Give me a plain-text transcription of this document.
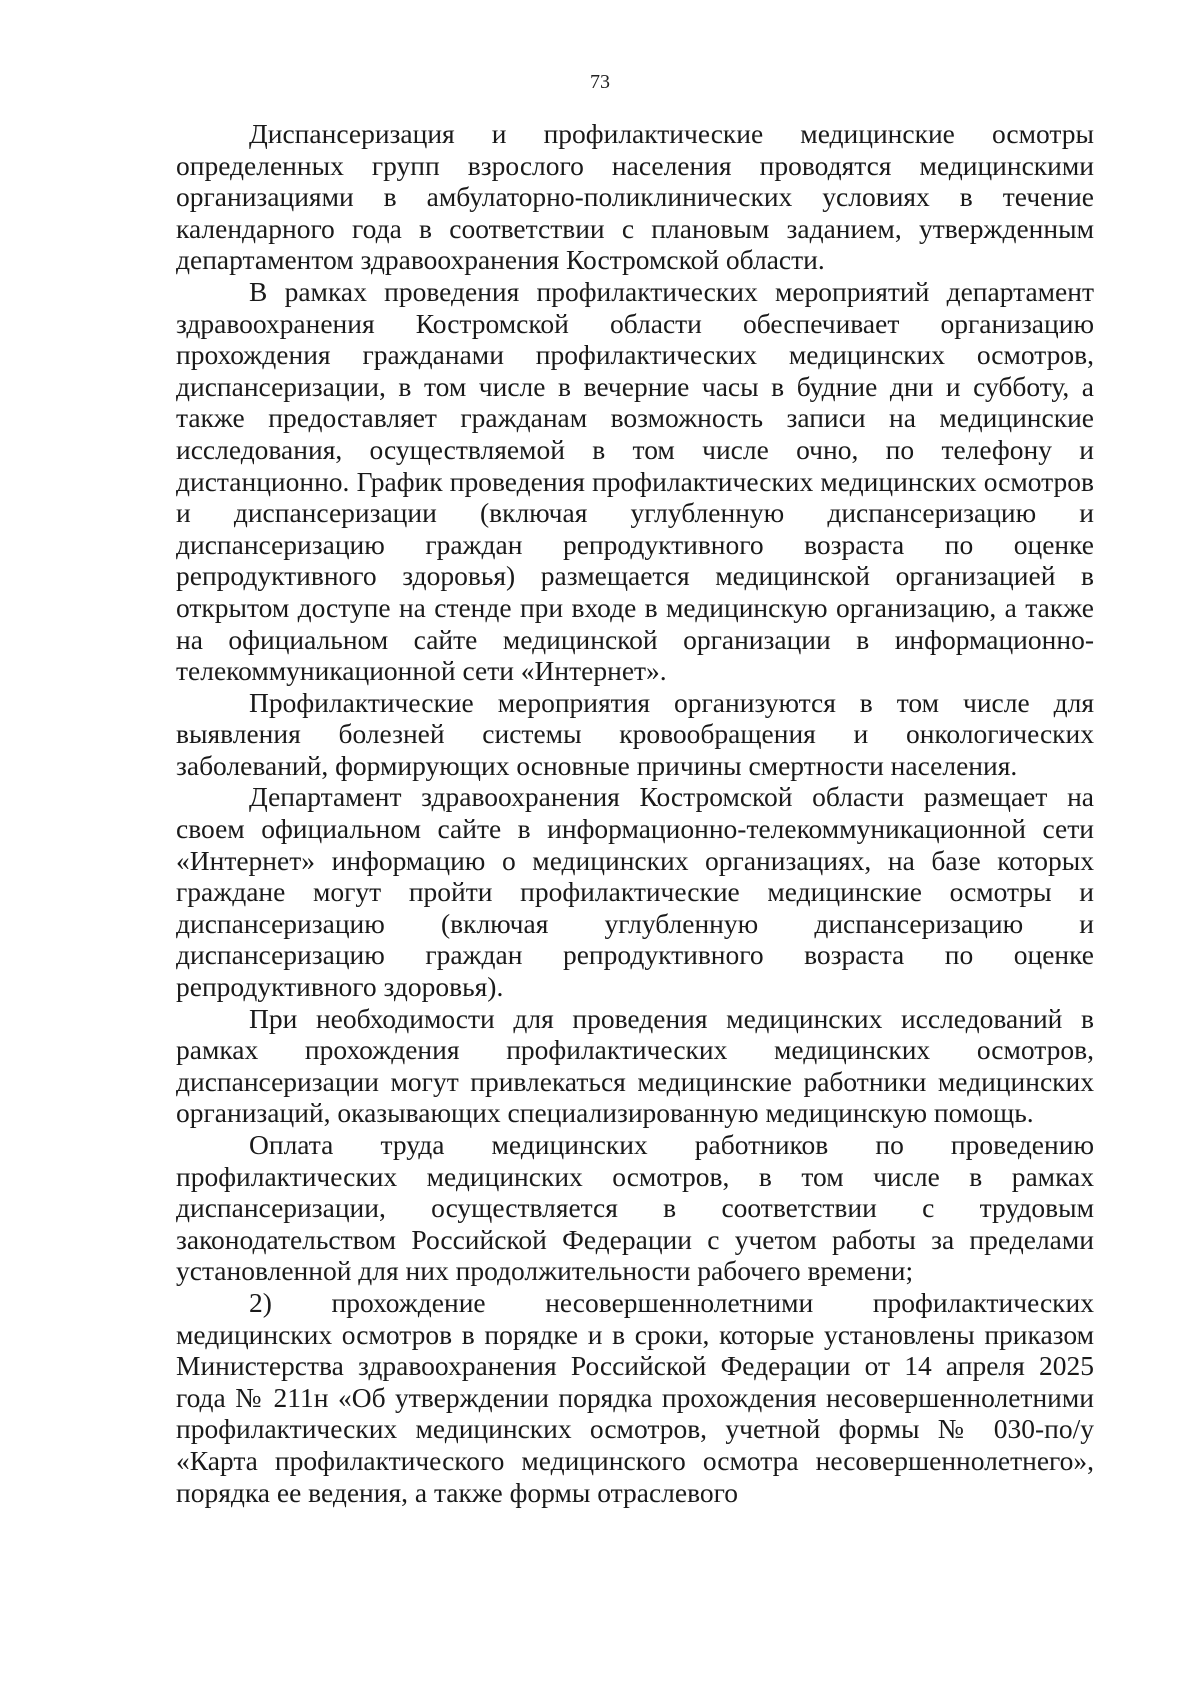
73

Диспансеризация и профилактические медицинские осмотры определенных групп взрослого населения проводятся медицинскими организациями в амбулаторно-поликлинических условиях в течение календарного года в соответствии с плановым заданием, утвержденным департаментом здравоохранения Костромской области.

В рамках проведения профилактических мероприятий департамент здравоохранения Костромской области обеспечивает организацию прохождения гражданами профилактических медицинских осмотров, диспансеризации, в том числе в вечерние часы в будние дни и субботу, а также предоставляет гражданам возможность записи на медицинские исследования, осуществляемой в том числе очно, по телефону и дистанционно. График проведения профилактических медицинских осмотров и диспансеризации (включая углубленную диспансеризацию и диспансеризацию граждан репродуктивного возраста по оценке репродуктивного здоровья) размещается медицинской организацией в открытом доступе на стенде при входе в медицинскую организацию, а также на официальном сайте медицинской организации в информационно-телекоммуникационной сети «Интернет».

Профилактические мероприятия организуются в том числе для выявления болезней системы кровообращения и онкологических заболеваний, формирующих основные причины смертности населения.

Департамент здравоохранения Костромской области размещает на своем официальном сайте в информационно-телекоммуникационной сети «Интернет» информацию о медицинских организациях, на базе которых граждане могут пройти профилактические медицинские осмотры и диспансеризацию (включая углубленную диспансеризацию и диспансеризацию граждан репродуктивного возраста по оценке репродуктивного здоровья).

При необходимости для проведения медицинских исследований в рамках прохождения профилактических медицинских осмотров, диспансеризации могут привлекаться медицинские работники медицинских организаций, оказывающих специализированную медицинскую помощь.

Оплата труда медицинских работников по проведению профилактических медицинских осмотров, в том числе в рамках диспансеризации, осуществляется в соответствии с трудовым законодательством Российской Федерации с учетом работы за пределами установленной для них продолжительности рабочего времени;

2) прохождение несовершеннолетними профилактических медицинских осмотров в порядке и в сроки, которые установлены приказом Министерства здравоохранения Российской Федерации от 14 апреля 2025 года № 211н «Об утверждении порядка прохождения несовершеннолетними профилактических медицинских осмотров, учетной формы № 030-по/у «Карта профилактического медицинского осмотра несовершеннолетнего», порядка ее ведения, а также формы отраслевого
